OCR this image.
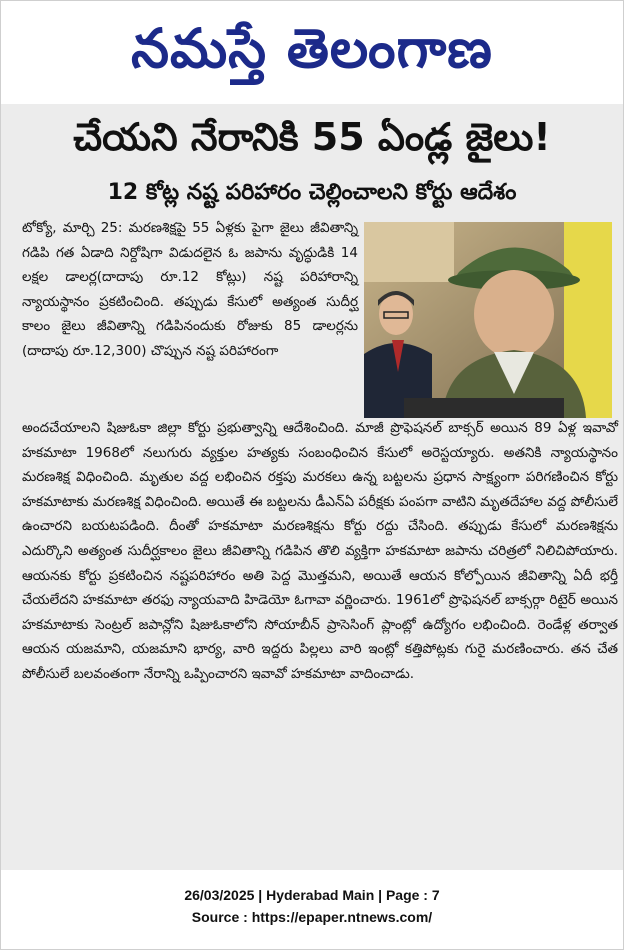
నమస్తే తెలంగాణ
చేయని నేరానికి 55 ఏండ్ల జైలు!
12 కోట్ల నష్ట పరిహారం చెల్లించాలని కోర్టు ఆదేశం

టోక్యో, మార్చి 25: మరణశిక్షపై 55 ఏళ్లకు పైగా జైలు జీవితాన్ని గడిపి గత ఏడాది నిర్దోషిగా విడుదలైన ఓ జపాను వృద్ధుడికి 14 లక్షల డాలర్ల(దాదాపు రూ.12 కోట్లు) నష్ట పరిహారాన్ని న్యాయస్థానం ప్రకటించింది. తప్పుడు కేసులో అత్యంత సుదీర్ఘ కాలం జైలు జీవితాన్ని గడిపినందుకు రోజుకు 85 డాలర్లను (దాదాపు రూ.12,300) చొప్పున నష్ట పరిహారంగా

అందచేయాలని షిజుఓకా జిల్లా కోర్టు ప్రభుత్వాన్ని ఆదేశించింది. మాజీ ప్రొఫెషనల్ బాక్సర్ అయిన 89 ఏళ్ల ఇవావో హకమాటా 1968లో నలుగురు వ్యక్తుల హత్యకు సంబంధించిన కేసులో అరెస్టయ్యారు. అతనికి న్యాయస్థానం మరణశిక్ష విధించింది. మృతుల వద్ద లభించిన రక్తపు మరకలు ఉన్న బట్టలను ప్రధాన సాక్ష్యంగా పరిగణించిన కోర్టు హకమాటాకు మరణశిక్ష విధించింది. అయితే ఈ బట్టలను డీఎన్ఏ పరీక్షకు పంపగా వాటిని మృతదేహాల వద్ద పోలీసులే ఉంచారని బయటపడింది. దీంతో హకమాటా మరణశిక్షను కోర్టు రద్దు చేసింది. తప్పుడు కేసులో మరణశిక్షను ఎదుర్కొని అత్యంత సుదీర్ఘకాలం జైలు జీవితాన్ని గడిపిన తొలి వ్యక్తిగా హకమాటా జపాను చరిత్రలో నిలిచిపోయారు. ఆయనకు కోర్టు ప్రకటించిన నష్టపరిహారం అతి పెద్ద మొత్తమని, అయితే ఆయన కోల్పోయిన జీవితాన్ని ఏదీ భర్తీ చేయలేదని హకమాటా తరఫు న్యాయవాది హిడెయో ఓగావా వర్ణించారు. 1961లో ప్రొఫెషనల్ బాక్సర్గా రిటైర్ అయిన హకమాటాకు సెంట్రల్ జపాన్లోని షిజుఓకాలోని సోయాబీన్ ప్రాసెసింగ్ ప్లాంట్లో ఉద్యోగం లభించింది. రెండేళ్ల తర్వాత ఆయన యజమాని, యజమాని భార్య, వారి ఇద్దరు పిల్లలు వారి ఇంట్లో కత్తిపోట్లకు గురై మరణించారు. తన చేత పోలీసులే బలవంతంగా నేరాన్ని ఒప్పించారని ఇవావో హకమాటా వాదించాడు.

26/03/2025 | Hyderabad Main | Page : 7
Source : https://epaper.ntnews.com/
